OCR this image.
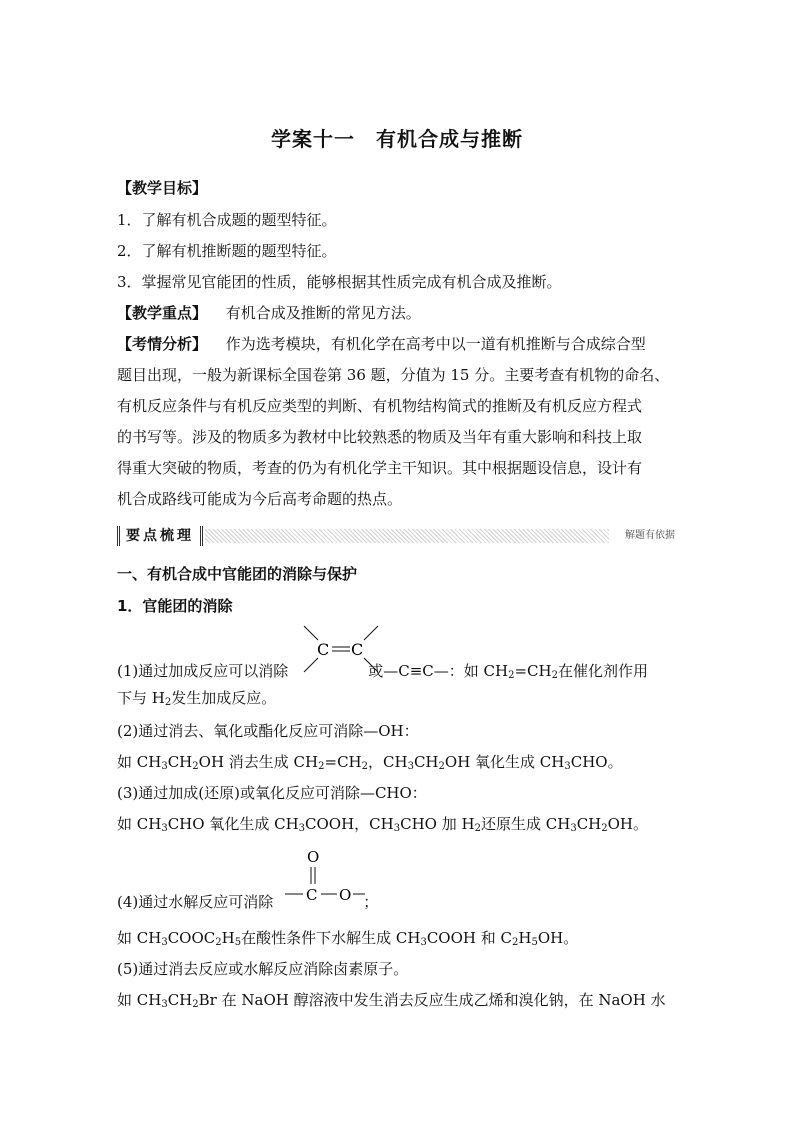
学案十一　有机合成与推断
【教学目标】
1．了解有机合成题的题型特征。
2．了解有机推断题的题型特征。
3．掌握常见官能团的性质，能够根据其性质完成有机合成及推断。
【教学重点】 有机合成及推断的常见方法。
【考情分析】 作为选考模块，有机化学在高考中以一道有机推断与合成综合型
题目出现，一般为新课标全国卷第 36 题，分值为 15 分。主要考查有机物的命名、
有机反应条件与有机反应类型的判断、有机物结构简式的推断及有机反应方程式
的书写等。涉及的物质多为教材中比较熟悉的物质及当年有重大影响和科技上取
得重大突破的物质，考查的仍为有机化学主干知识。其中根据题设信息，设计有
机合成路线可能成为今后高考命题的热点。
要点梳理	解题有依据
一、有机合成中官能团的消除与保护
1．官能团的消除
C C
(1)通过加成反应可以消除	或—C≡C—：如 $CH_2=CH_2$在催化剂作用
下与 $H_2$发生加成反应。
(2)通过消去、氧化或酯化反应可消除—OH：
如 $CH_3CH_2OH$ 消去生成 $CH_2=CH_2$，$CH_3CH_2OH$ 氧化生成 $CH_3CHO$。
(3)通过加成(还原)或氧化反应可消除—CHO：
如 $CH_3CHO$ 氧化生成 $CH_3COOH$，$CH_3CHO$ 加 $H_2$还原生成 $CH_3CH_2OH$。
O
C O
(4)通过水解反应可消除	；
如 $CH_3COOC_2H_5$在酸性条件下水解生成 $CH_3COOH$ 和 $C_2H_5OH$。
(5)通过消去反应或水解反应消除卤素原子。
如 $CH_3CH_2Br$ 在 NaOH 醇溶液中发生消去反应生成乙烯和溴化钠，在 NaOH 水
